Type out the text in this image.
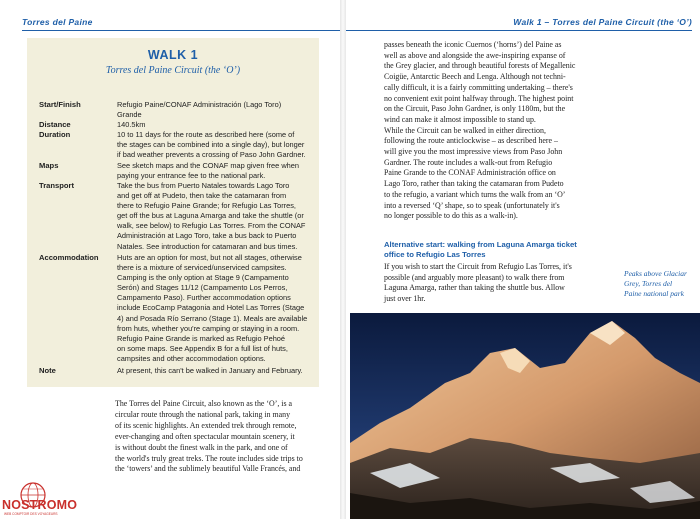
Torres del Paine
WALK 1
Torres del Paine Circuit (the ‘O’)
Start/Finish	Refugio Paine/CONAF Administración (Lago Toro)
Grande
Distance	140.5km
Duration	10 to 11 days for the route as described here (some of
the stages can be combined into a single day), but longer
if bad weather prevents a crossing of Paso John Gardner.
Maps	See sketch maps and the CONAF map given free when
paying your entrance fee to the national park.
Transport	Take the bus from Puerto Natales towards Lago Toro
and get off at Pudeto, then take the catamaran from
there to Refugio Paine Grande; for Refugio Las Torres,
get off the bus at Laguna Amarga and take the shuttle (or
walk, see below) to Refugio Las Torres. From the CONAF
Administración at Lago Toro, take a bus back to Puerto
Natales. See introduction for catamaran and bus times.
Accommodation	Huts are an option for most, but not all stages, otherwise
there is a mixture of serviced/unserviced campsites.
Camping is the only option at Stage 9 (Campamento
Serón) and Stages 11/12 (Campamento Los Perros,
Campamento Paso). Further accommodation options
include EcoCamp Patagonia and Hotel Las Torres (Stage
4) and Posada Río Serrano (Stage 1). Meals are available
from huts, whether you're camping or staying in a room.
Refugio Paine Grande is marked as Refugio Pehoé
on some maps. See Appendix B for a full list of huts,
campsites and other accommodation options.
Note	At present, this can't be walked in January and February.
The Torres del Paine Circuit, also known as the ‘O’, is a
circular route through the national park, taking in many
of its scenic highlights. An extended trek through remote,
ever-changing and often spectacular mountain scenery, it
is without doubt the finest walk in the park, and one of
the world's truly great treks. The route includes side trips to
the ‘towers’ and the sublimely beautiful Valle Francés, and
NOSTROMO
WEB COMPTOIR DES VOYAGEURS
Walk 1 – Torres del Paine Circuit (the ‘O’)
passes beneath the iconic Cuernos (‘horns’) del Paine as
well as above and alongside the awe-inspiring expanse of
the Grey glacier, and through beautiful forests of Megallenic
Coigüe, Antarctic Beech and Lenga. Although not techni-
cally difficult, it is a fairly committing undertaking – there's
no convenient exit point halfway through. The highest point
on the Circuit, Paso John Gardner, is only 1180m, but the
wind can make it almost impossible to stand up.
While the Circuit can be walked in either direction,
following the route anticlockwise – as described here –
will give you the most impressive views from Paso John
Gardner. The route includes a walk-out from Refugio
Paine Grande to the CONAF Administración office on
Lago Toro, rather than taking the catamaran from Pudeto
to the refugio, a variant which turns the walk from an ‘O’
into a reversed ‘Q’ shape, so to speak (unfortunately it's
no longer possible to do this as a walk-in).
Alternative start: walking from Laguna Amarga ticket
office to Refugio Las Torres
If you wish to start the Circuit from Refugio Las Torres, it's
possible (and arguably more pleasant) to walk there from
Laguna Amarga, rather than taking the shuttle bus. Allow
just over 1hr.
Peaks above Glaciar
Grey, Torres del
Paine national park
